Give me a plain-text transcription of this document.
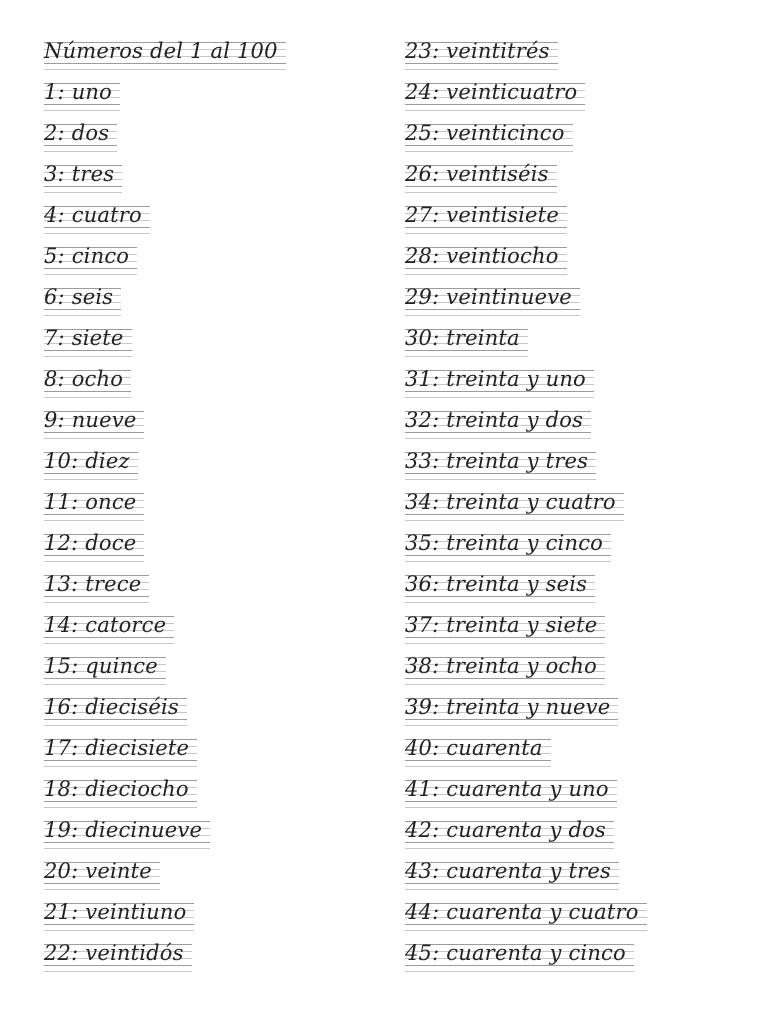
Números del 1 al 100
1: uno
2: dos
3: tres
4: cuatro
5: cinco
6: seis
7: siete
8: ocho
9: nueve
10: diez
11: once
12: doce
13: trece
14: catorce
15: quince
16: dieciséis
17: diecisiete
18: dieciocho
19: diecinueve
20: veinte
21: veintiuno
22: veintidós
23: veintitrés
24: veinticuatro
25: veinticinco
26: veintiséis
27: veintisiete
28: veintiocho
29: veintinueve
30: treinta
31: treinta y uno
32: treinta y dos
33: treinta y tres
34: treinta y cuatro
35: treinta y cinco
36: treinta y seis
37: treinta y siete
38: treinta y ocho
39: treinta y nueve
40: cuarenta
41: cuarenta y uno
42: cuarenta y dos
43: cuarenta y tres
44: cuarenta y cuatro
45: cuarenta y cinco
